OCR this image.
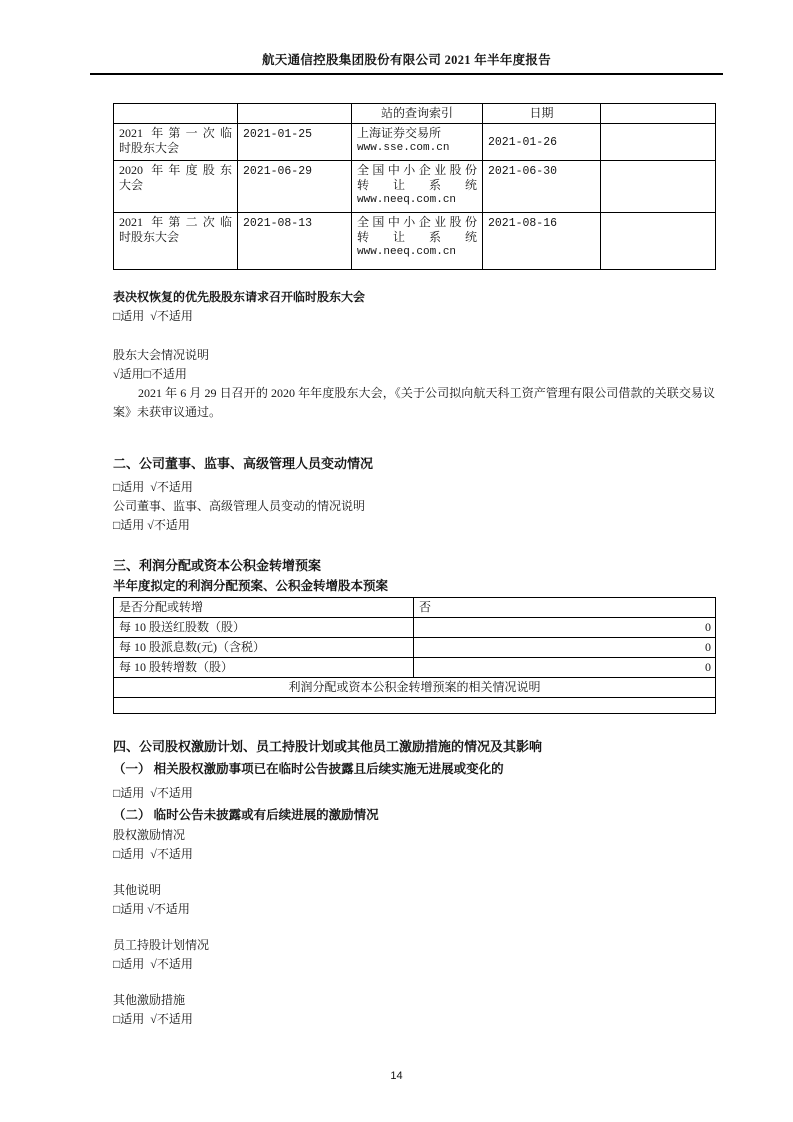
航天通信控股集团股份有限公司 2021 年半年度报告
		站的查询索引	日期	

2021 年第一次临
时股东大会	2021-01-25	上海证券交易所
www.sse.com.cn	2021-01-26	

2020 年年度股东
大会	2021-06-29	全国中小企业股份
转 让 系 统
www.neeq.com.cn	2021-06-30	

2021 年第二次临
时股东大会	2021-08-13	全国中小企业股份
转 让 系 统
www.neeq.com.cn	2021-08-16	
表决权恢复的优先股股东请求召开临时股东大会
□适用  √不适用
股东大会情况说明
√适用□不适用
2021 年 6 月 29 日召开的 2020 年年度股东大会，《关于公司拟向航天科工资产管理有限公司借款的关联交易议案》未获审议通过。
二、公司董事、监事、高级管理人员变动情况
□适用  √不适用
公司董事、监事、高级管理人员变动的情况说明
□适用 √不适用
三、利润分配或资本公积金转增预案
半年度拟定的利润分配预案、公积金转增股本预案
是否分配或转增	否
每 10 股送红股数（股）	0
每 10 股派息数(元)（含税）	0
每 10 股转增数（股）	0
利润分配或资本公积金转增预案的相关情况说明	

四、公司股权激励计划、员工持股计划或其他员工激励措施的情况及其影响
（一） 相关股权激励事项已在临时公告披露且后续实施无进展或变化的
□适用  √不适用
（二） 临时公告未披露或有后续进展的激励情况
股权激励情况
□适用  √不适用
其他说明
□适用 √不适用
员工持股计划情况
□适用  √不适用
其他激励措施
□适用  √不适用
14
